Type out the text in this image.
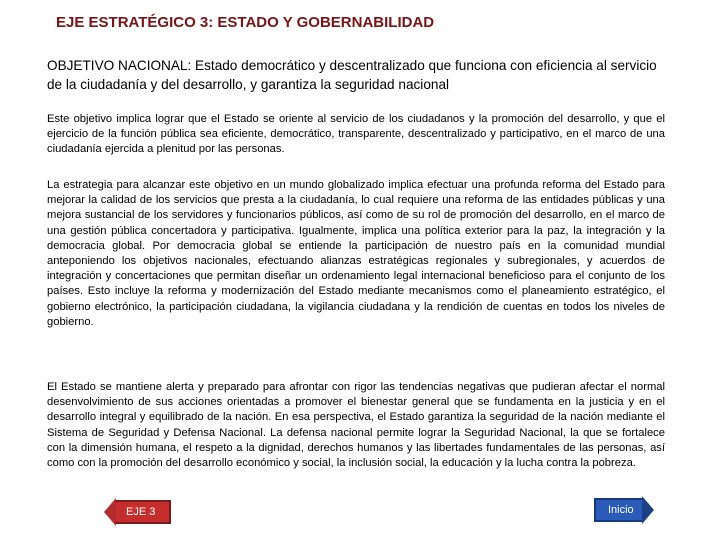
EJE ESTRATÉGICO 3: ESTADO Y GOBERNABILIDAD

OBJETIVO NACIONAL: Estado democrático y descentralizado que funciona con eficiencia al servicio de la ciudadanía y del desarrollo, y garantiza la seguridad nacional

Este objetivo implica lograr que el Estado se oriente al servicio de los ciudadanos y la promoción del desarrollo, y que el ejercicio de la función pública sea eficiente, democrático, transparente, descentralizado y participativo, en el marco de una ciudadanía ejercida a plenitud por las personas.

La estrategia para alcanzar este objetivo en un mundo globalizado implica efectuar una profunda reforma del Estado para mejorar la calidad de los servicios que presta a la ciudadanía, lo cual requiere una reforma de las entidades públicas y una mejora sustancial de los servidores y funcionarios públicos, así como de su rol de promoción del desarrollo, en el marco de una gestión pública concertadora y participativa. Igualmente, implica una política exterior para la paz, la integración y la democracia global. Por democracia global se entiende la participación de nuestro país en la comunidad mundial anteponiendo los objetivos nacionales, efectuando alianzas estratégicas regionales y subregionales, y acuerdos de integración y concertaciones que permitan diseñar un ordenamiento legal internacional beneficioso para el conjunto de los países. Esto incluye la reforma y modernización del Estado mediante mecanismos como el planeamiento estratégico, el gobierno electrónico, la participación ciudadana, la vigilancia ciudadana y la rendición de cuentas en todos los niveles de gobierno.

El Estado se mantiene alerta y preparado para afrontar con rigor las tendencias negativas que pudieran afectar el normal desenvolvimiento de sus acciones orientadas a promover el bienestar general que se fundamenta en la justicia y en el desarrollo integral y equilibrado de la nación. En esa perspectiva, el Estado garantiza la seguridad de la nación mediante el Sistema de Seguridad y Defensa Nacional. La defensa nacional permite lograr la Seguridad Nacional, la que se fortalece con la dimensión humana, el respeto a la dignidad, derechos humanos y las libertades fundamentales de las personas, así como con la promoción del desarrollo económico y social, la inclusión social, la educación y la lucha contra la pobreza.

EJE 3	Inicio
